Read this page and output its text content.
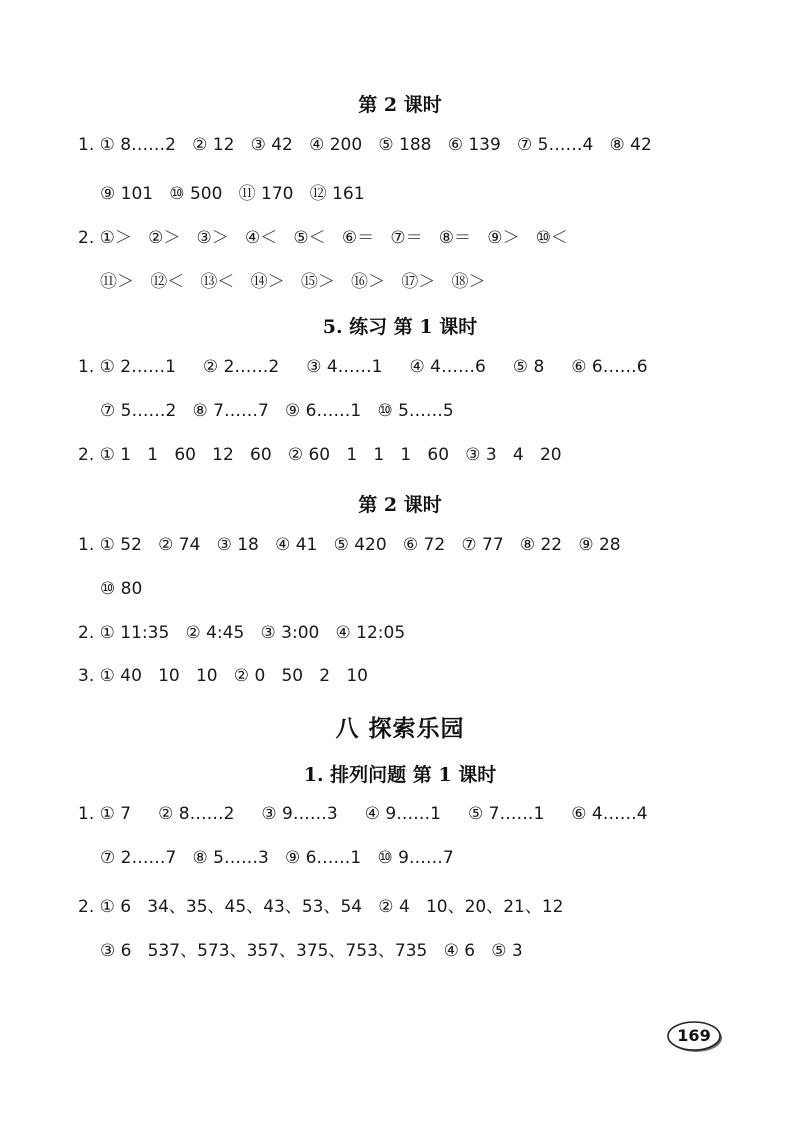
第 2 课时
1. ① 8……2   ② 12   ③ 42   ④ 200   ⑤ 188   ⑥ 139   ⑦ 5……4   ⑧ 42
⑨ 101   ⑩ 500   ⑪ 170   ⑫ 161
2. ①＞   ②＞   ③＞   ④＜   ⑤＜   ⑥＝   ⑦＝   ⑧＝   ⑨＞   ⑩＜
⑪＞   ⑫＜   ⑬＜   ⑭＞   ⑮＞   ⑯＞   ⑰＞   ⑱＞
5. 练习 第 1 课时
1. ① 2……1     ② 2……2     ③ 4……1     ④ 4……6     ⑤ 8     ⑥ 6……6
⑦ 5……2   ⑧ 7……7   ⑨ 6……1   ⑩ 5……5
2. ① 1   1   60   12   60   ② 60   1   1   1   60   ③ 3   4   20
第 2 课时
1. ① 52   ② 74   ③ 18   ④ 41   ⑤ 420   ⑥ 72   ⑦ 77   ⑧ 22   ⑨ 28
⑩ 80
2. ① 11:35   ② 4:45   ③ 3:00   ④ 12:05
3. ① 40   10   10   ② 0   50   2   10
八 探索乐园
1. 排列问题 第 1 课时
1. ① 7     ② 8……2     ③ 9……3     ④ 9……1     ⑤ 7……1     ⑥ 4……4
⑦ 2……7   ⑧ 5……3   ⑨ 6……1   ⑩ 9……7
2. ① 6   34、35、45、43、53、54   ② 4   10、20、21、12
③ 6   537、573、357、375、753、735   ④ 6   ⑤ 3
169
